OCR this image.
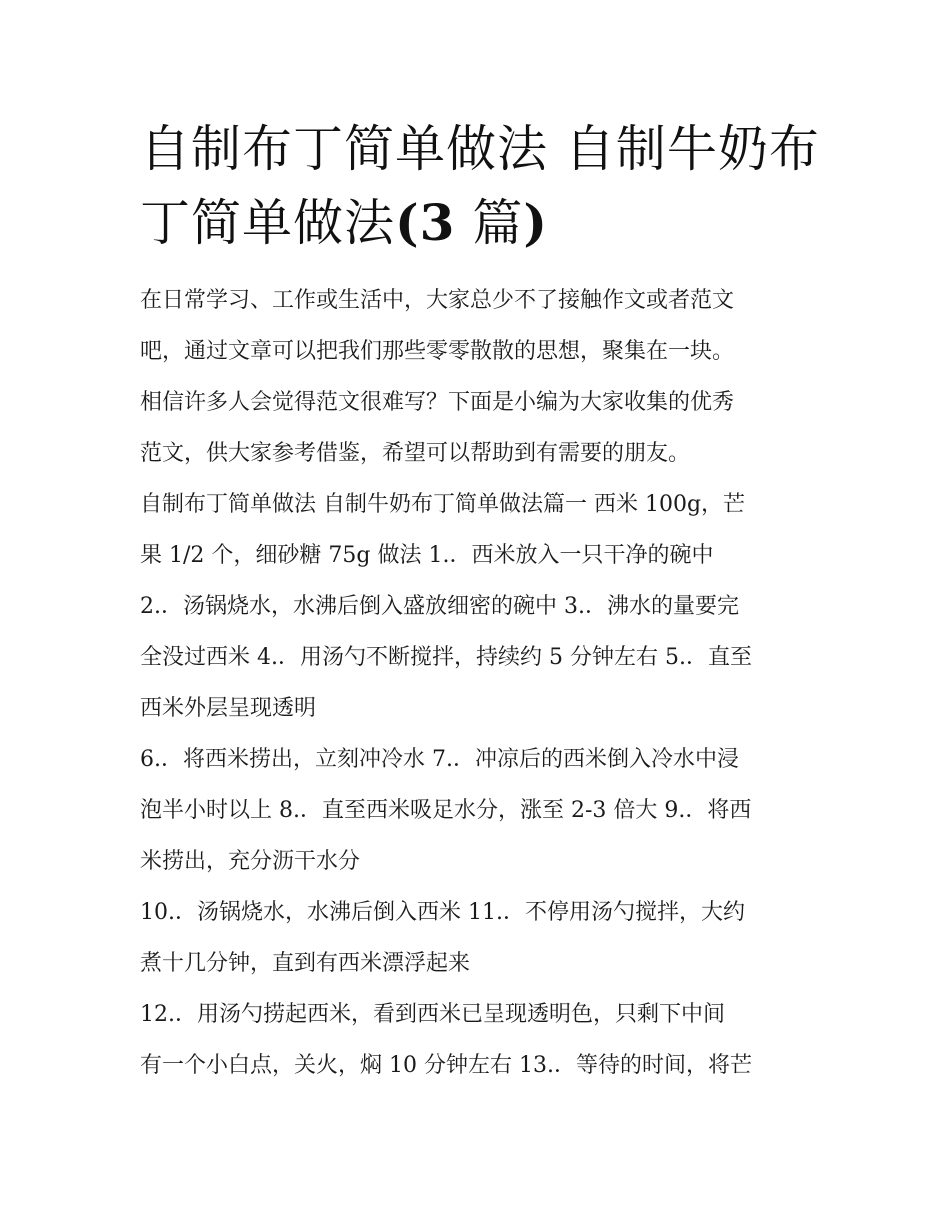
自制布丁简单做法 自制牛奶布
丁简单做法(3 篇)

在日常学习、工作或生活中，大家总少不了接触作文或者范文
吧，通过文章可以把我们那些零零散散的思想，聚集在一块。
相信许多人会觉得范文很难写？下面是小编为大家收集的优秀
范文，供大家参考借鉴，希望可以帮助到有需要的朋友。

自制布丁简单做法 自制牛奶布丁简单做法篇一 西米 100g，芒
果 1/2 个，细砂糖 75g 做法 1.．西米放入一只干净的碗中

2.．汤锅烧水，水沸后倒入盛放细密的碗中 3.．沸水的量要完
全没过西米 4.．用汤勺不断搅拌，持续约 5 分钟左右 5.．直至
西米外层呈现透明

6.．将西米捞出，立刻冲冷水 7.．冲凉后的西米倒入冷水中浸
泡半小时以上 8.．直至西米吸足水分，涨至 2-3 倍大 9.．将西
米捞出，充分沥干水分

10.．汤锅烧水，水沸后倒入西米 11.．不停用汤勺搅拌，大约
煮十几分钟，直到有西米漂浮起来

12.．用汤勺捞起西米，看到西米已呈现透明色，只剩下中间
有一个小白点，关火，焖 10 分钟左右 13.．等待的时间，将芒
